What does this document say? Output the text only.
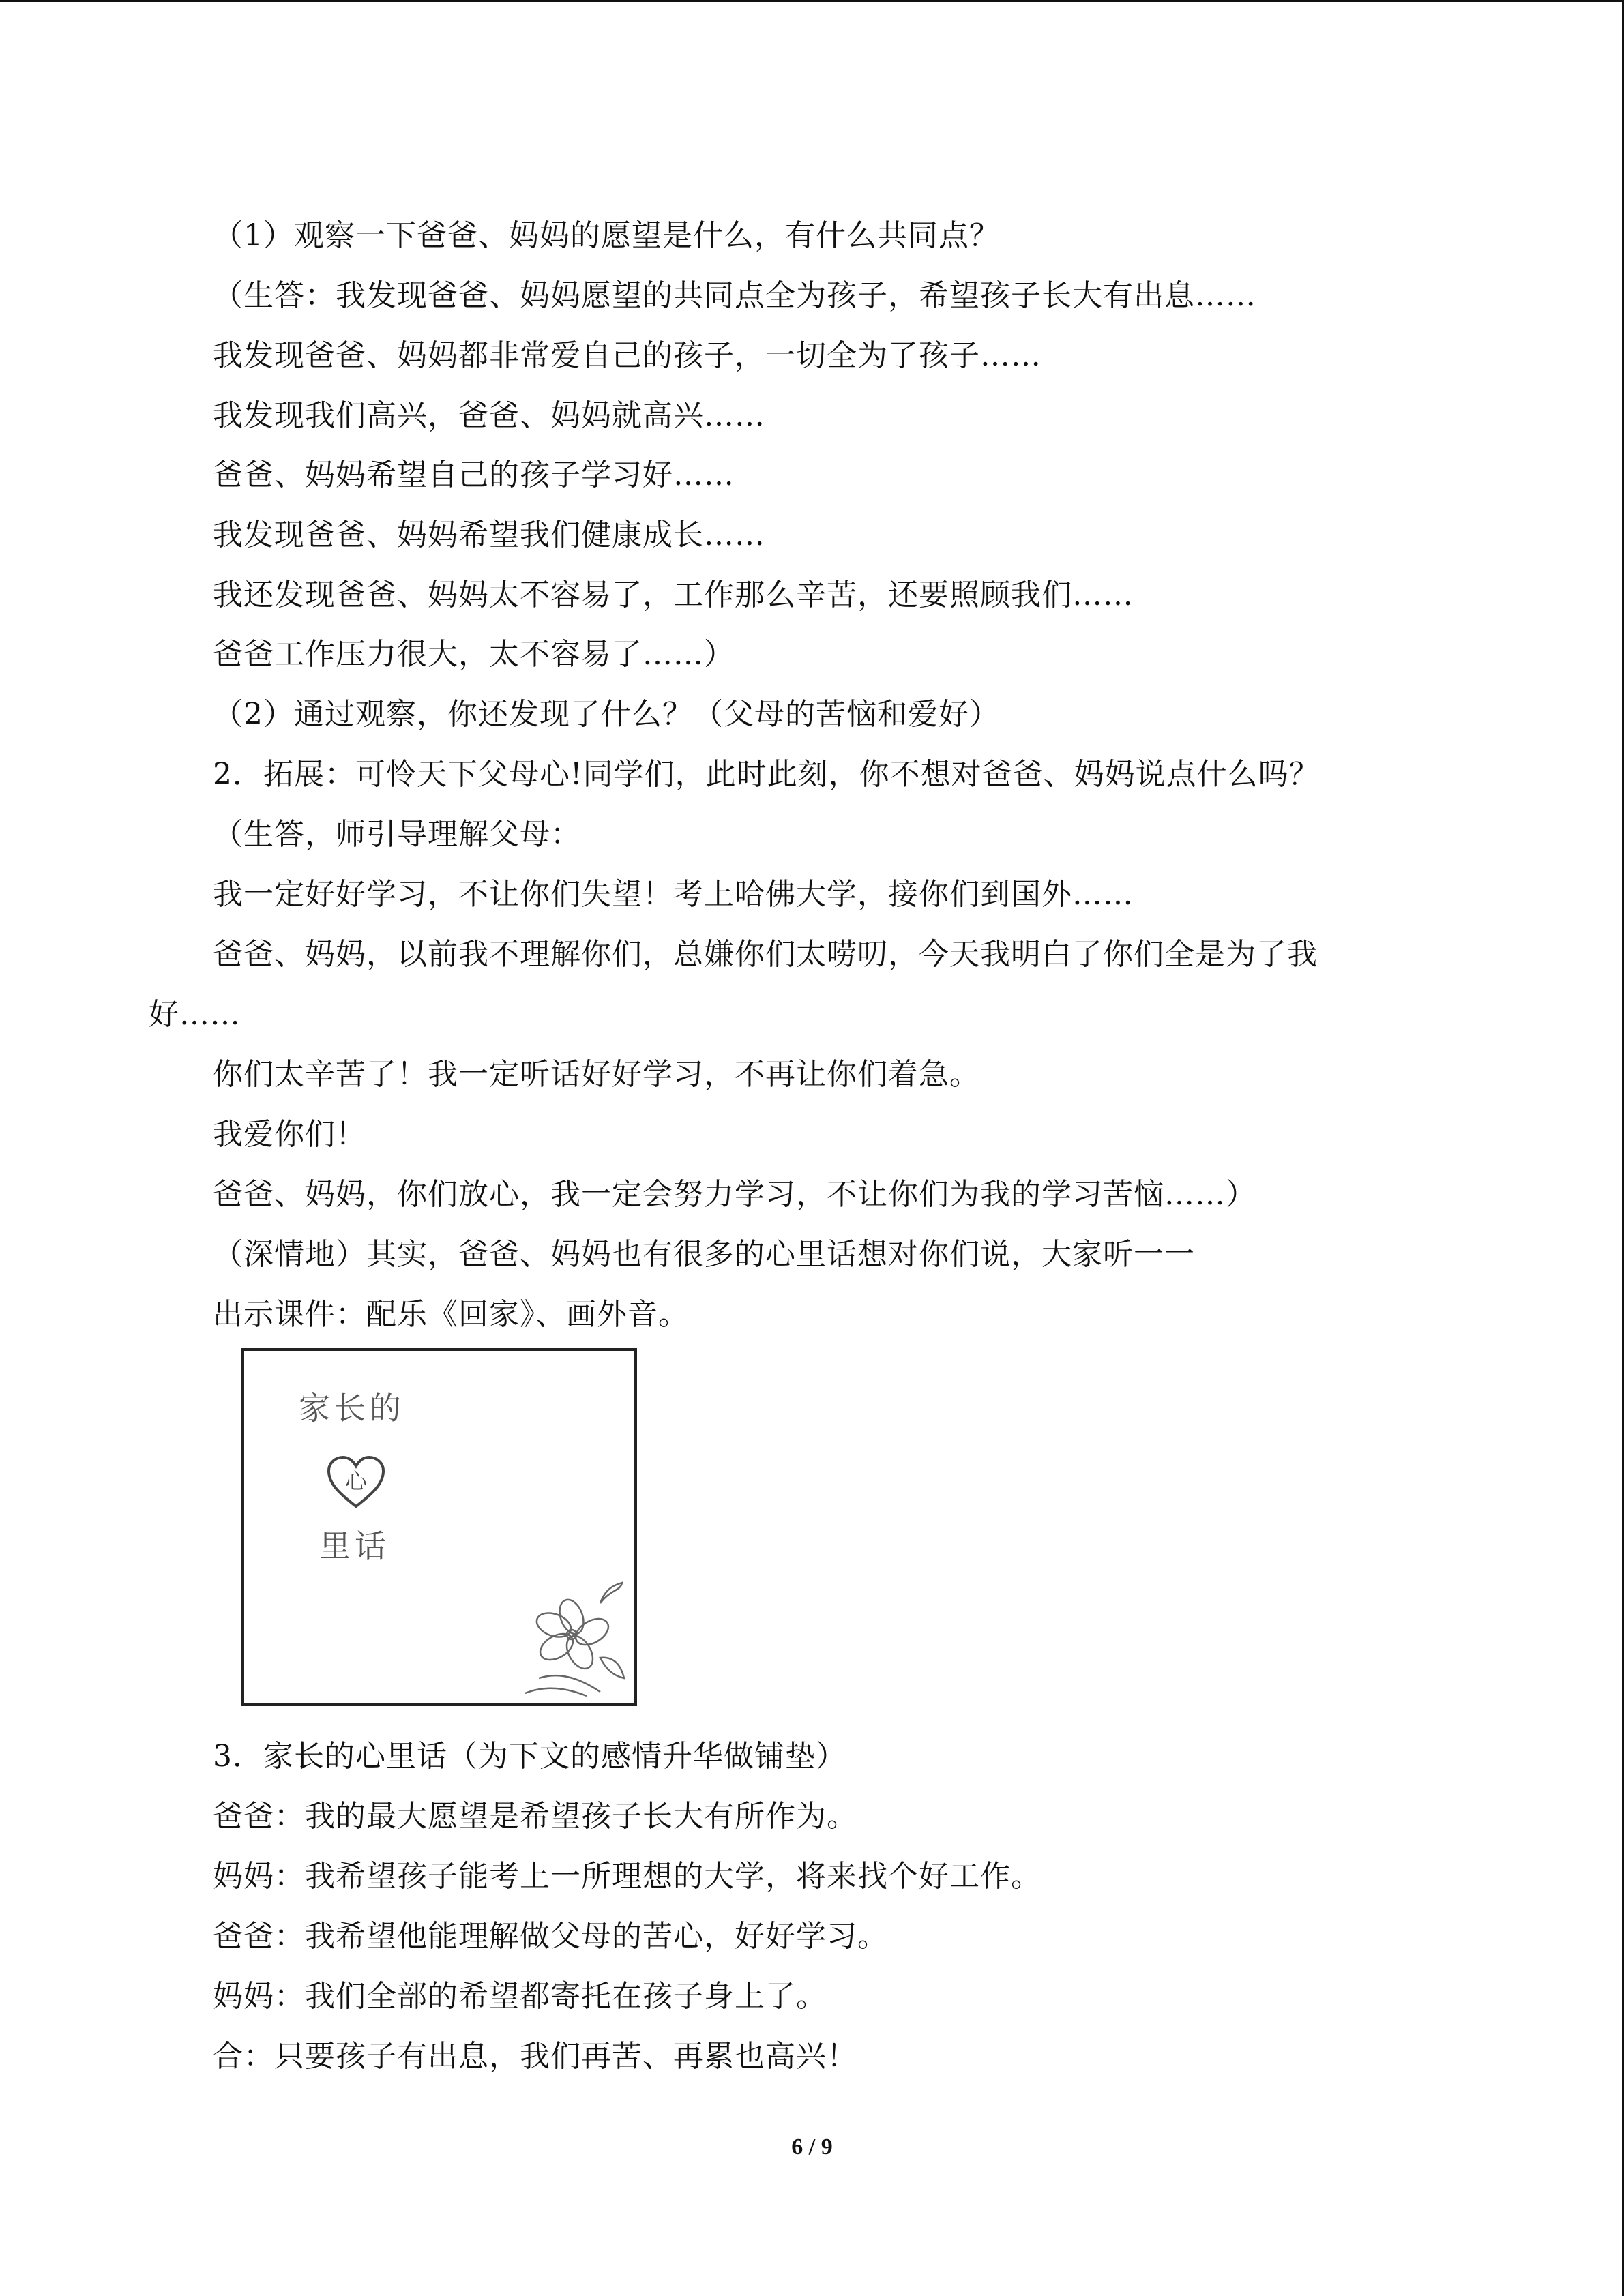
（1）观察一下爸爸、妈妈的愿望是什么，有什么共同点？
（生答：我发现爸爸、妈妈愿望的共同点全为孩子，希望孩子长大有出息……
我发现爸爸、妈妈都非常爱自己的孩子，一切全为了孩子……
我发现我们高兴，爸爸、妈妈就高兴……
爸爸、妈妈希望自己的孩子学习好……
我发现爸爸、妈妈希望我们健康成长……
我还发现爸爸、妈妈太不容易了，工作那么辛苦，还要照顾我们……
爸爸工作压力很大，太不容易了……）
（2）通过观察，你还发现了什么？（父母的苦恼和爱好）
2．拓展：可怜天下父母心!同学们，此时此刻，你不想对爸爸、妈妈说点什么吗？
（生答，师引导理解父母：
我一定好好学习，不让你们失望！考上哈佛大学，接你们到国外……
爸爸、妈妈，以前我不理解你们，总嫌你们太唠叨，今天我明白了你们全是为了我
好……
你们太辛苦了！我一定听话好好学习，不再让你们着急。
我爱你们！
爸爸、妈妈，你们放心，我一定会努力学习，不让你们为我的学习苦恼……）
（深情地）其实，爸爸、妈妈也有很多的心里话想对你们说，大家听一一
出示课件：配乐《回家》、画外音。
家长的
心
里话
3．家长的心里话（为下文的感情升华做铺垫）
爸爸：我的最大愿望是希望孩子长大有所作为。
妈妈：我希望孩子能考上一所理想的大学，将来找个好工作。
爸爸：我希望他能理解做父母的苦心，好好学习。
妈妈：我们全部的希望都寄托在孩子身上了。
合：只要孩子有出息，我们再苦、再累也高兴！
6 / 9
